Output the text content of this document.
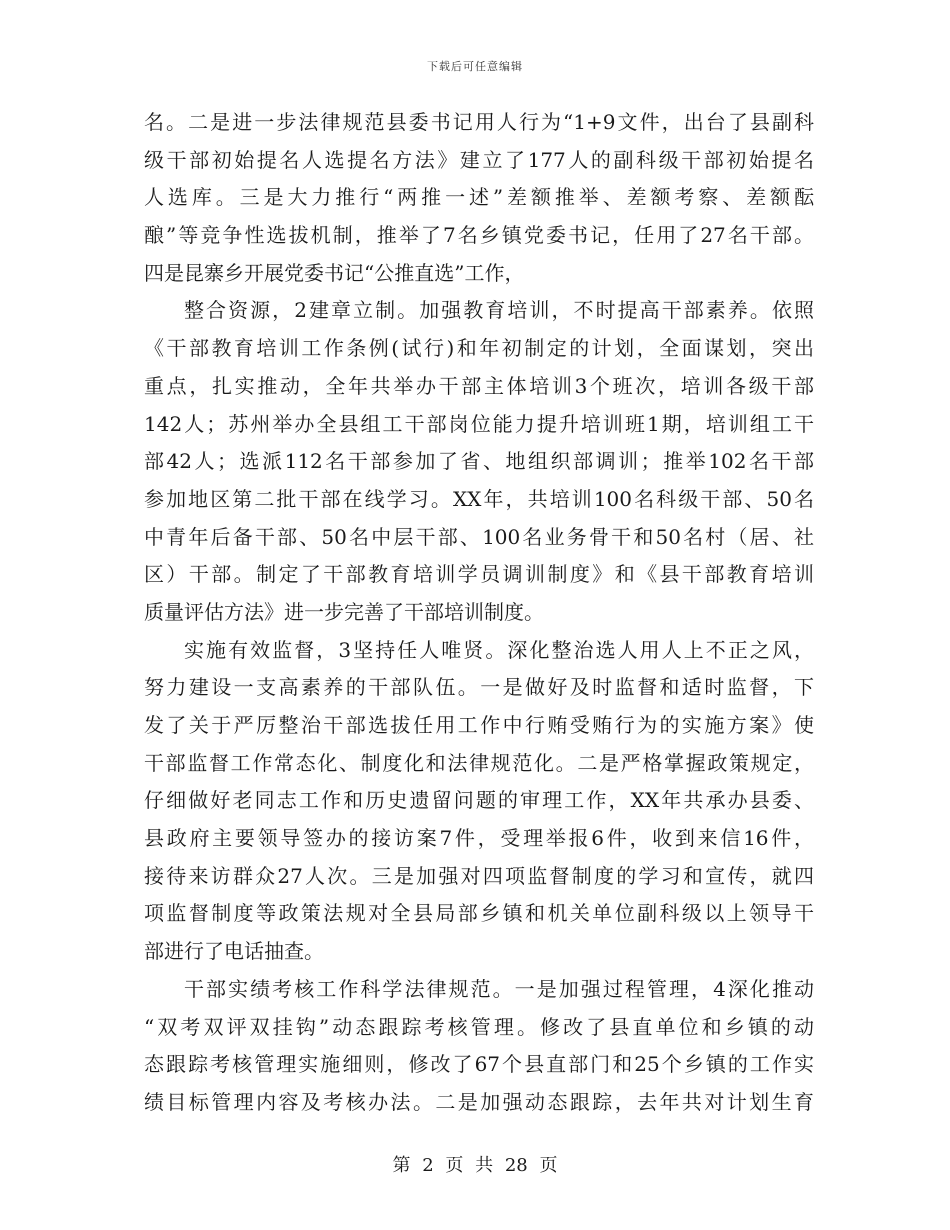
下载后可任意编辑
名。二是进一步法律规范县委书记用人行为“1+9文件，出台了县副科
级干部初始提名人选提名方法》建立了177人的副科级干部初始提名
人选库。三是大力推行“两推一述”差额推举、差额考察、差额酝
酿”等竞争性选拔机制，推举了7名乡镇党委书记，任用了27名干部。
四是昆寨乡开展党委书记“公推直选”工作，
整合资源，2建章立制。加强教育培训，不时提高干部素养。依照
《干部教育培训工作条例(试行)和年初制定的计划，全面谋划，突出
重点，扎实推动，全年共举办干部主体培训3个班次，培训各级干部
142人；苏州举办全县组工干部岗位能力提升培训班1期，培训组工干
部42人；选派112名干部参加了省、地组织部调训；推举102名干部
参加地区第二批干部在线学习。XX年，共培训100名科级干部、50名
中青年后备干部、50名中层干部、100名业务骨干和50名村（居、社
区）干部。制定了干部教育培训学员调训制度》和《县干部教育培训
质量评估方法》进一步完善了干部培训制度。
实施有效监督，3坚持任人唯贤。深化整治选人用人上不正之风，
努力建设一支高素养的干部队伍。一是做好及时监督和适时监督，下
发了关于严厉整治干部选拔任用工作中行贿受贿行为的实施方案》使
干部监督工作常态化、制度化和法律规范化。二是严格掌握政策规定，
仔细做好老同志工作和历史遗留问题的审理工作，XX年共承办县委、
县政府主要领导签办的接访案7件，受理举报6件，收到来信16件，
接待来访群众27人次。三是加强对四项监督制度的学习和宣传，就四
项监督制度等政策法规对全县局部乡镇和机关单位副科级以上领导干
部进行了电话抽查。
干部实绩考核工作科学法律规范。一是加强过程管理，4深化推动
“双考双评双挂钩”动态跟踪考核管理。修改了县直单位和乡镇的动
态跟踪考核管理实施细则，修改了67个县直部门和25个乡镇的工作实
绩目标管理内容及考核办法。二是加强动态跟踪，去年共对计划生育
第 2 页 共 28 页
